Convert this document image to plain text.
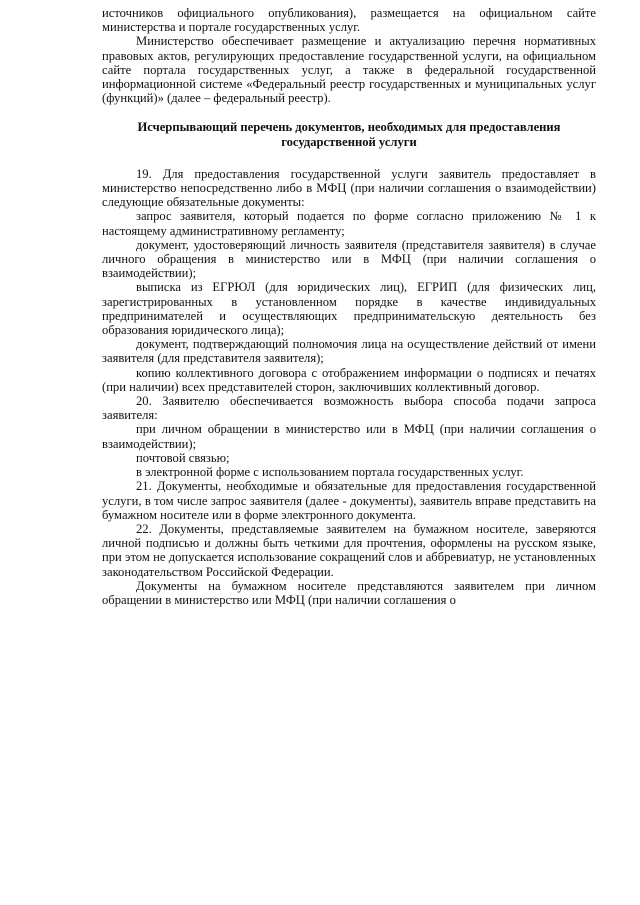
источников официального опубликования), размещается на официальном сайте министерства и портале государственных услуг.

Министерство обеспечивает размещение и актуализацию перечня нормативных правовых актов, регулирующих предоставление государственной услуги, на официальном сайте портала государственных услуг, а также в федеральной государственной информационной системе «Федеральный реестр государственных и муниципальных услуг (функций)» (далее – федеральный реестр).

Исчерпывающий перечень документов, необходимых для предоставления государственной услуги

19. Для предоставления государственной услуги заявитель предоставляет в министерство непосредственно либо в МФЦ (при наличии соглашения о взаимодействии) следующие обязательные документы:

запрос заявителя, который подается по форме согласно приложению № 1 к настоящему административному регламенту;

документ, удостоверяющий личность заявителя (представителя заявителя) в случае личного обращения в министерство или в МФЦ (при наличии соглашения о взаимодействии);

выписка из ЕГРЮЛ (для юридических лиц), ЕГРИП (для физических лиц, зарегистрированных в установленном порядке в качестве индивидуальных предпринимателей и осуществляющих предпринимательскую деятельность без образования юридического лица);

документ, подтверждающий полномочия лица на осуществление действий от имени заявителя (для представителя заявителя);

копию коллективного договора с отображением информации о подписях и печатях (при наличии) всех представителей сторон, заключивших коллективный договор.

20. Заявителю обеспечивается возможность выбора способа подачи запроса заявителя:

при личном обращении в министерство или в МФЦ (при наличии соглашения о взаимодействии);

почтовой связью;

в электронной форме с использованием портала государственных услуг.

21. Документы, необходимые и обязательные для предоставления государственной услуги, в том числе запрос заявителя (далее - документы), заявитель вправе представить на бумажном носителе или в форме электронного документа.

22. Документы, представляемые заявителем на бумажном носителе, заверяются личной подписью и должны быть четкими для прочтения, оформлены на русском языке, при этом не допускается использование сокращений слов и аббревиатур, не установленных законодательством Российской Федерации.

Документы на бумажном носителе представляются заявителем при личном обращении в министерство или МФЦ (при наличии соглашения о
